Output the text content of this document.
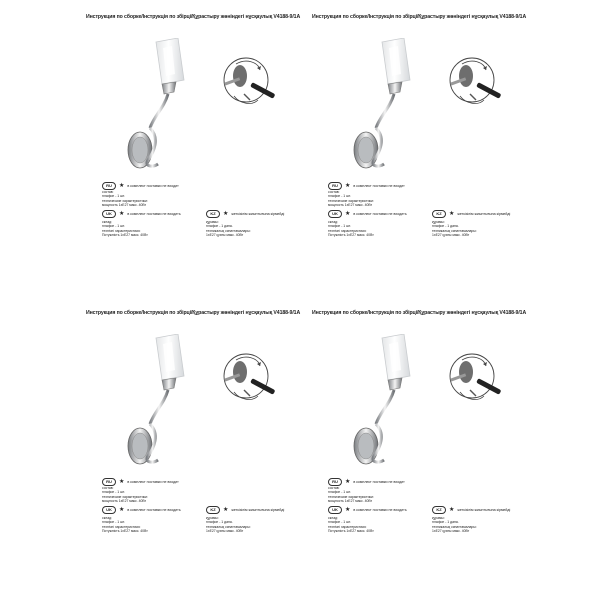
Инструкция по сборке/Інструкція по збірці/Құрастыру жөніндегі нұсқаулық V4188-9/1A
RU	★ в комплект поставки не входит
состав:
плафон - 1 шт.
технические характеристики:
мощность 1хE27 макс. 40Вт
UK	★ в комплект поставки не входить
склад:
плафон - 1 шт.
технічні характеристики:
Потужність 1хE27 макс. 40Вт
KZ	★ жеткізілім жиынтығына кірмейді
құрамы:
плафон - 1 дана.
техникалық сипаттамалары:
1хE27 қуаты макс. 40Вт
Инструкция по сборке/Інструкція по збірці/Құрастыру жөніндегі нұсқаулық V4188-9/1A
RU	★ в комплект поставки не входит
состав:
плафон - 1 шт.
технические характеристики:
мощность 1хE27 макс. 40Вт
UK	★ в комплект поставки не входить
склад:
плафон - 1 шт.
технічні характеристики:
Потужність 1хE27 макс. 40Вт
KZ	★ жеткізілім жиынтығына кірмейді
құрамы:
плафон - 1 дана.
техникалық сипаттамалары:
1хE27 қуаты макс. 40Вт
Инструкция по сборке/Інструкція по збірці/Құрастыру жөніндегі нұсқаулық V4188-9/1A
RU	★ в комплект поставки не входит
состав:
плафон - 1 шт.
технические характеристики:
мощность 1хE27 макс. 40Вт
UK	★ в комплект поставки не входить
склад:
плафон - 1 шт.
технічні характеристики:
Потужність 1хE27 макс. 40Вт
KZ	★ жеткізілім жиынтығына кірмейді
құрамы:
плафон - 1 дана.
техникалық сипаттамалары:
1хE27 қуаты макс. 40Вт
Инструкция по сборке/Інструкція по збірці/Құрастыру жөніндегі нұсқаулық V4188-9/1A
RU	★ в комплект поставки не входит
состав:
плафон - 1 шт.
технические характеристики:
мощность 1хE27 макс. 40Вт
UK	★ в комплект поставки не входить
склад:
плафон - 1 шт.
технічні характеристики:
Потужність 1хE27 макс. 40Вт
KZ	★ жеткізілім жиынтығына кірмейді
құрамы:
плафон - 1 дана.
техникалық сипаттамалары:
1хE27 қуаты макс. 40Вт
